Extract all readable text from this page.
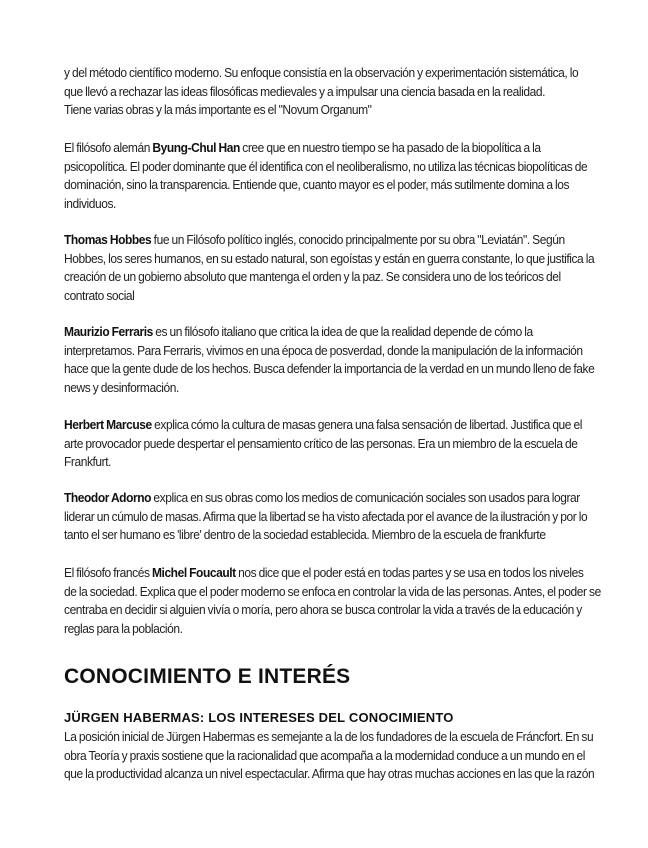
y del método científico moderno. Su enfoque consistía en la observación y experimentación sistemática, lo
que llevó a rechazar las ideas filosóficas medievales y a impulsar una ciencia basada en la realidad.
Tiene varias obras y la más importante es el "Novum Organum"

El filósofo alemán Byung-Chul Han cree que en nuestro tiempo se ha pasado de la biopolítica a la
psicopolítica. El poder dominante que él identifica con el neoliberalismo, no utiliza las técnicas biopolíticas de
dominación, sino la transparencia. Entiende que, cuanto mayor es el poder, más sutilmente domina a los
individuos.

Thomas Hobbes fue un Filósofo político inglés, conocido principalmente por su obra "Leviatán". Según
Hobbes, los seres humanos, en su estado natural, son egoístas y están en guerra constante, lo que justifica la
creación de un gobierno absoluto que mantenga el orden y la paz. Se considera uno de los teóricos del
contrato social

Maurizio Ferraris es un filósofo italiano que critica la idea de que la realidad depende de cómo la
interpretamos. Para Ferraris, vivimos en una época de posverdad, donde la manipulación de la información
hace que la gente dude de los hechos. Busca defender la importancia de la verdad en un mundo lleno de fake
news y desinformación.

Herbert Marcuse explica cómo la cultura de masas genera una falsa sensación de libertad. Justifica que el
arte provocador puede despertar el pensamiento crítico de las personas. Era un miembro de la escuela de
Frankfurt.

Theodor Adorno explica en sus obras como los medios de comunicación sociales son usados para lograr
liderar un cúmulo de masas. Afirma que la libertad se ha visto afectada por el avance de la ilustración y por lo
tanto el ser humano es 'libre' dentro de la sociedad establecida. Miembro de la escuela de frankfurte

El filósofo francés Michel Foucault nos dice que el poder está en todas partes y se usa en todos los niveles
de la sociedad. Explica que el poder moderno se enfoca en controlar la vida de las personas. Antes, el poder se
centraba en decidir si alguien vivía o moría, pero ahora se busca controlar la vida a través de la educación y
reglas para la población.

CONOCIMIENTO E INTERÉS
JÜRGEN HABERMAS: LOS INTERESES DEL CONOCIMIENTO

La posición inicial de Jürgen Habermas es semejante a la de los fundadores de la escuela de Fráncfort. En su
obra Teoría y praxis sostiene que la racionalidad que acompaña a la modernidad conduce a un mundo en el
que la productividad alcanza un nivel espectacular. Afirma que hay otras muchas acciones en las que la razón
